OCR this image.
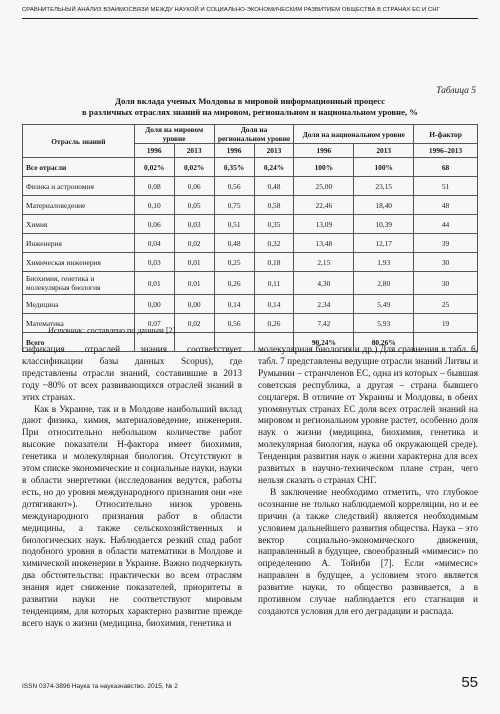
СРАВНИТЕЛЬНЫЙ АНАЛИЗ ВЗАИМОСВЯЗИ МЕЖДУ НАУКОЙ И СОЦИАЛЬНО-ЭКОНОМИЧЕСКИМ РАЗВИТИЕМ ОБЩЕСТВА В СТРАНАХ ЕС И СНГ
Таблица 5
Доля вклада ученых Молдовы в мировой информационный процесс
в различных отраслях знаний на мировом, региональном и национальном уровне, %
Отрасль знаний	Доля на мировом уровне		Доля на региональном уровне		Доля на национальном уровне		H-фактор
	1996	2013	1996	2013	1996	2013	1996–2013
Все отрасли	0,02%	0,02%	0,35%	0,24%	100%	100%	68
Физика и астрономия	0,08	0,06	0,56	0,48	25,00	23,15	51
Материаловедение	0,10	0,05	0,75	0,58	22,46	18,40	48
Химия	0,06	0,03	0,51	0,35	13,09	10,39	44
Инженерия	0,04	0,02	0,48	0,32	13,48	12,17	39
Химическая инженерия	0,03	0,01	0,25	0,18	2,15	1,93	30
Биохимия, генетика и молекулярная биология	0,01	0,01	0,26	0,11	4,30	2,80	30
Медицина	0,00	0,00	0,14	0,14	2,34	5,49	25
Математика	0,07	0,02	0,56	0,26	7,42	5,93	19
Всего					90,24%	80,26%	
Источник: составлено по данным [2]

сификация отраслей знания соответствует классификации базы данных Scopus), где представлены отрасли знаний, составившие в 2013 году ~80% от всех развивающихся отраслей знаний в этих странах.

Как в Украине, так и в Молдове наибольший вклад дают физика, химия, материаловедение, инженерия. При относительно небольшом количестве работ высокие показатели H-фактора имеет биохимия, генетика и молекулярная биология. Отсутствуют в этом списке экономические и социальные науки, науки в области энергетики (исследования ведутся, работы есть, но до уровня международного признания они «не дотягивают»). Относительно низок уровень международного признания работ в области медицины, а также сельскохозяйственных и биологических наук. Наблюдается резкий спад работ подобного уровня в области математики в Молдове и химической инженерии в Украине. Важно подчеркнуть два обстоятельства: практически во всем отраслям знания идет снижение показателей, приоритеты в развитии науки не соответствуют мировым тенденциям, для которых характерно развитие прежде всего наук о жизни (медицина, биохимия, генетика и

молекулярная биология и др.) Для сравнения в табл. 6, табл. 7 представлены ведущие отрасли знаний Литвы и Румынии – странчленов ЕС, одна из которых – бывшая советская республика, а другая – страна бывшего соцлагеря. В отличие от Украины и Молдовы, в обеих упомянутых странах ЕС доля всех отраслей знаний на мировом и региональном уровне растет, особенно доля наук о жизни (медицина, биохимия, генетика и молекулярная биология, наука об окружающей среде). Тенденция развития наук о жизни характерна для всех развитых в научно-техническом плане стран, чего нельзя сказать о странах СНГ.

В заключение необходимо отметить, что глубокое осознание не только наблюдаемой корреляции, но и ее причин (а также следствий) является необходимым условием дальнейшего развития общества. Наука – это вектор социально-экономического движения, направленный в будущее, своеобразный «мимесис» по определению А. Тойнби [7]. Если «мимесис» направлен в будущее, а условием этого является развитие науки, то общество развивается, а в противном случае наблюдается его стагнация и создаются условия для его деградации и распада.

ISSN 0374-3896 Наука та науказнавство. 2015, № 2	55
